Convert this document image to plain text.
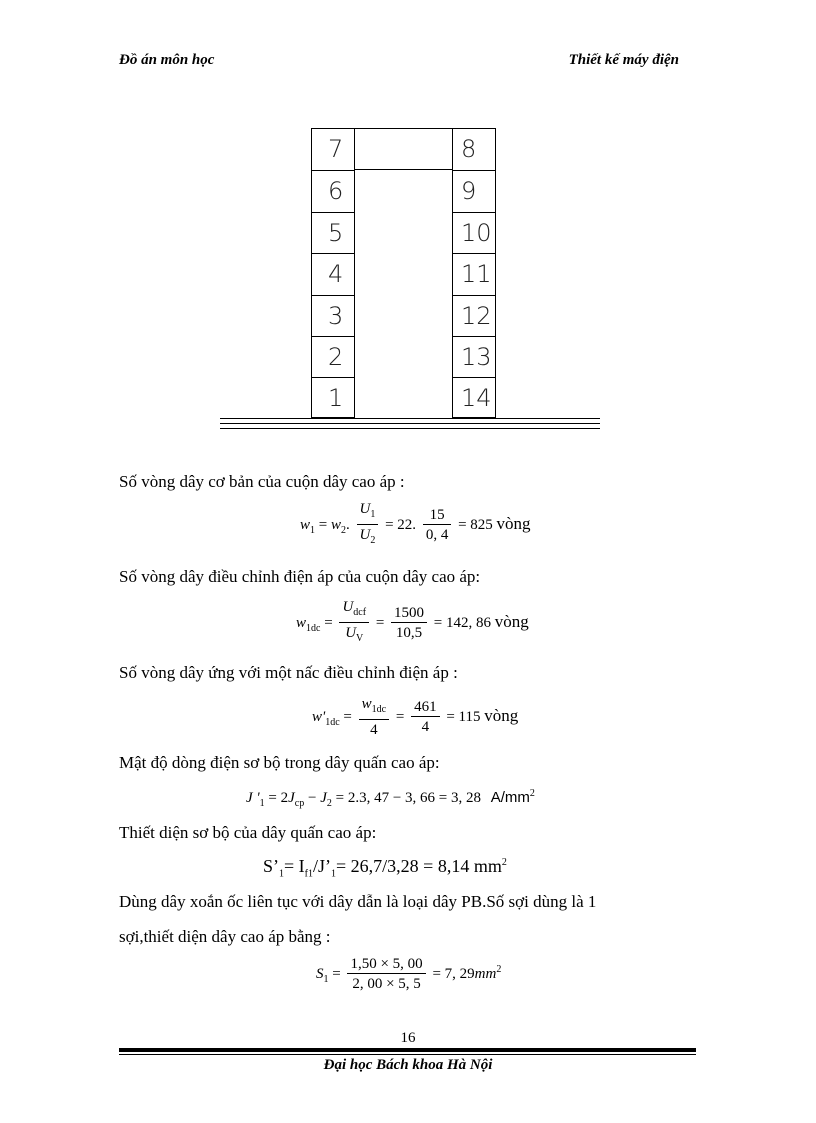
Đồ án môn học	Thiết kế máy điện
7
6
5
4
3
2
1
8
9
10
11
12
13
14
Số vòng dây cơ bản của cuộn dây cao áp :
$w_1 = w_2$. $\frac{U_1}{U_2} = 22$. $\frac{15}{0, 4} = 825$ vòng
Số vòng dây điều chỉnh điện áp của cuộn dây cao áp:
$w_{1dc} = \frac{U_{dcf}}{U_V} = \frac{1500}{10,5} = 142$, 86 vòng
Số vòng dây ứng với một nấc điều chỉnh điện áp :
$w'_{1dc} = \frac{w_{1dc}}{4} = \frac{461}{4} = 115$ vòng
Mật độ dòng điện sơ bộ trong dây quấn cao áp:
J '$_1 = 2J_{cp} - J_2 = 2.3$, 47 − 3, 66 = 3, 28 $A/mm^2$
Thiết diện sơ bộ của dây quấn cao áp:
$S’_1=$ $I_{f1}/J’_1= 26,7/3,28 = 8,14$ $mm^2$
Dùng dây xoắn ốc liên tục với dây dẫn là loại dây PB.Số sợi dùng là 1
sợi,thiết diện dây cao áp bằng :
$S_1 = \frac{1,50 \times 5, 00}{2, 00 \times 5, 5} = 7$, $29mm^2$
16
Đại học Bách khoa Hà Nội
